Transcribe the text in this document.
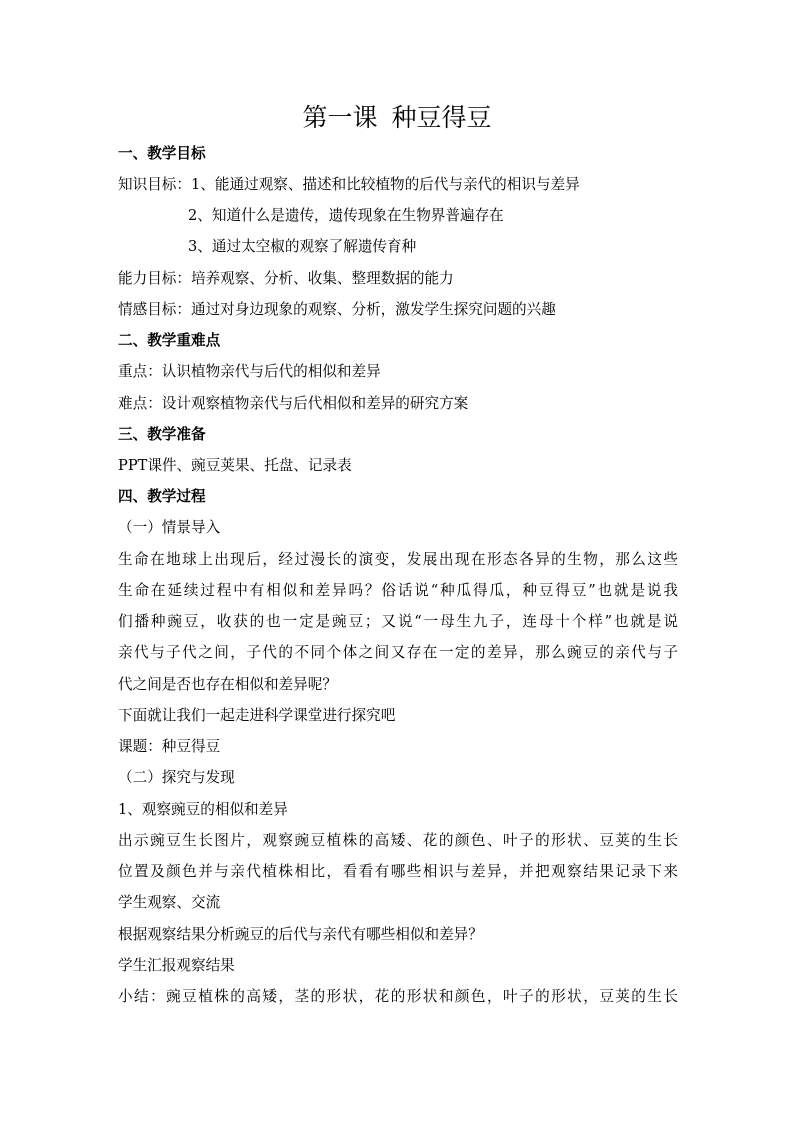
第一课 种豆得豆
一、教学目标
知识目标：1、能通过观察、描述和比较植物的后代与亲代的相识与差异
2、知道什么是遗传，遗传现象在生物界普遍存在
3、通过太空椒的观察了解遗传育种
能力目标：培养观察、分析、收集、整理数据的能力
情感目标：通过对身边现象的观察、分析，激发学生探究问题的兴趣
二、教学重难点
重点：认识植物亲代与后代的相似和差异
难点：设计观察植物亲代与后代相似和差异的研究方案
三、教学准备
PPT课件、豌豆荚果、托盘、记录表
四、教学过程
（一）情景导入
生命在地球上出现后，经过漫长的演变，发展出现在形态各异的生物，那么这些
生命在延续过程中有相似和差异吗？俗话说“种瓜得瓜，种豆得豆”也就是说我
们播种豌豆，收获的也一定是豌豆；又说“一母生九子，连母十个样”也就是说
亲代与子代之间，子代的不同个体之间又存在一定的差异，那么豌豆的亲代与子
代之间是否也存在相似和差异呢？
下面就让我们一起走进科学课堂进行探究吧
课题：种豆得豆
（二）探究与发现
1、观察豌豆的相似和差异
出示豌豆生长图片，观察豌豆植株的高矮、花的颜色、叶子的形状、豆荚的生长
位置及颜色并与亲代植株相比，看看有哪些相识与差异，并把观察结果记录下来
学生观察、交流
根据观察结果分析豌豆的后代与亲代有哪些相似和差异？
学生汇报观察结果
小结：豌豆植株的高矮，茎的形状，花的形状和颜色，叶子的形状，豆荚的生长
